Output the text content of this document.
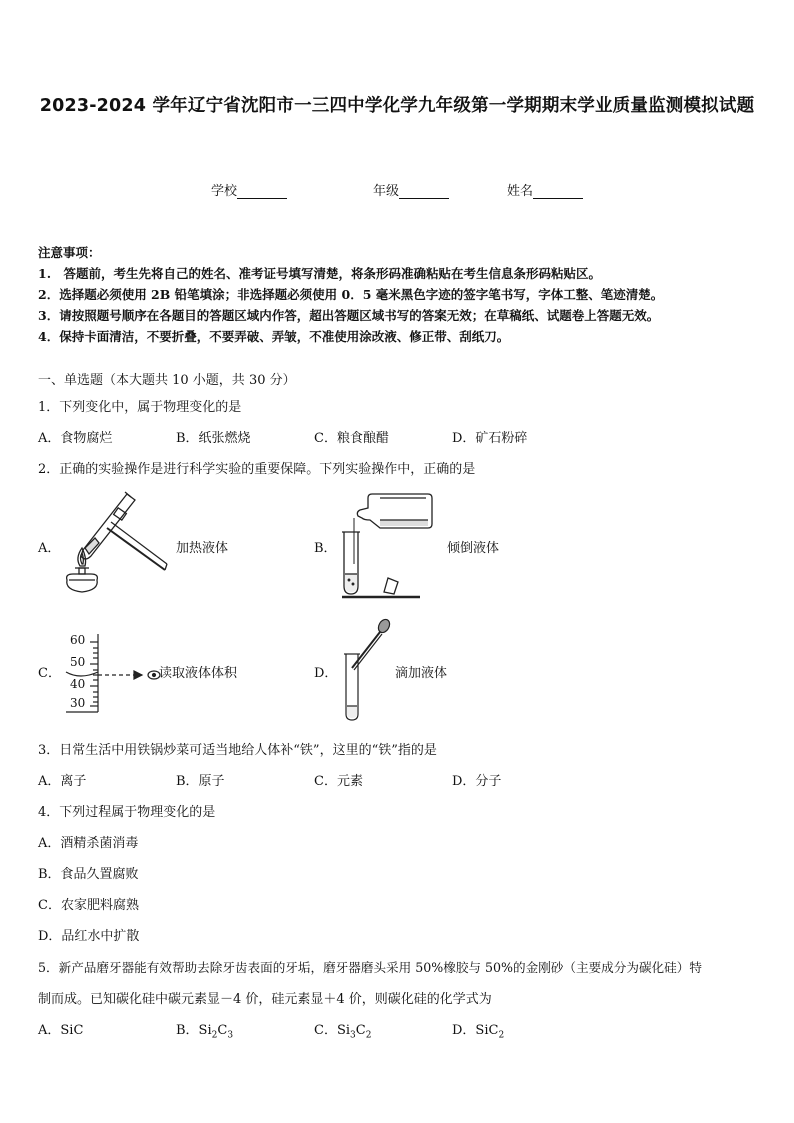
2023-2024 学年辽宁省沈阳市一三四中学化学九年级第一学期期末学业质量监测模拟试题
学校	年级	姓名
注意事项：
1.　答题前，考生先将自己的姓名、准考证号填写清楚，将条形码准确粘贴在考生信息条形码粘贴区。
2．选择题必须使用 2B 铅笔填涂；非选择题必须使用 0．5 毫米黑色字迹的签字笔书写，字体工整、笔迹清楚。
3．请按照题号顺序在各题目的答题区域内作答，超出答题区域书写的答案无效；在草稿纸、试题卷上答题无效。
4．保持卡面清洁，不要折叠，不要弄破、弄皱，不准使用涂改液、修正带、刮纸刀。
一、单选题（本大题共 10 小题，共 30 分）
1．下列变化中，属于物理变化的是
A．食物腐烂	B．纸张燃烧	C．粮食酿醋	D．矿石粉碎
2．正确的实验操作是进行科学实验的重要保障。下列实验操作中，正确的是
A．	加热液体	B．	倾倒液体
C．
60
50
40
30
读取液体体积	D．	滴加液体
3．日常生活中用铁锅炒菜可适当地给人体补“铁”，这里的“铁”指的是
A．离子	B．原子	C．元素	D．分子
4．下列过程属于物理变化的是
A．酒精杀菌消毒
B．食品久置腐败
C．农家肥料腐熟
D．品红水中扩散
5．新产品磨牙器能有效帮助去除牙齿表面的牙垢，磨牙器磨头采用 50%橡胶与 50%的金刚砂（主要成分为碳化硅）特
制而成。已知碳化硅中碳元素显－4 价，硅元素显＋4 价，则碳化硅的化学式为
A．SiC	B．$Si_2C_3$	C．$Si_3C_2$	D．SiC$_2$
